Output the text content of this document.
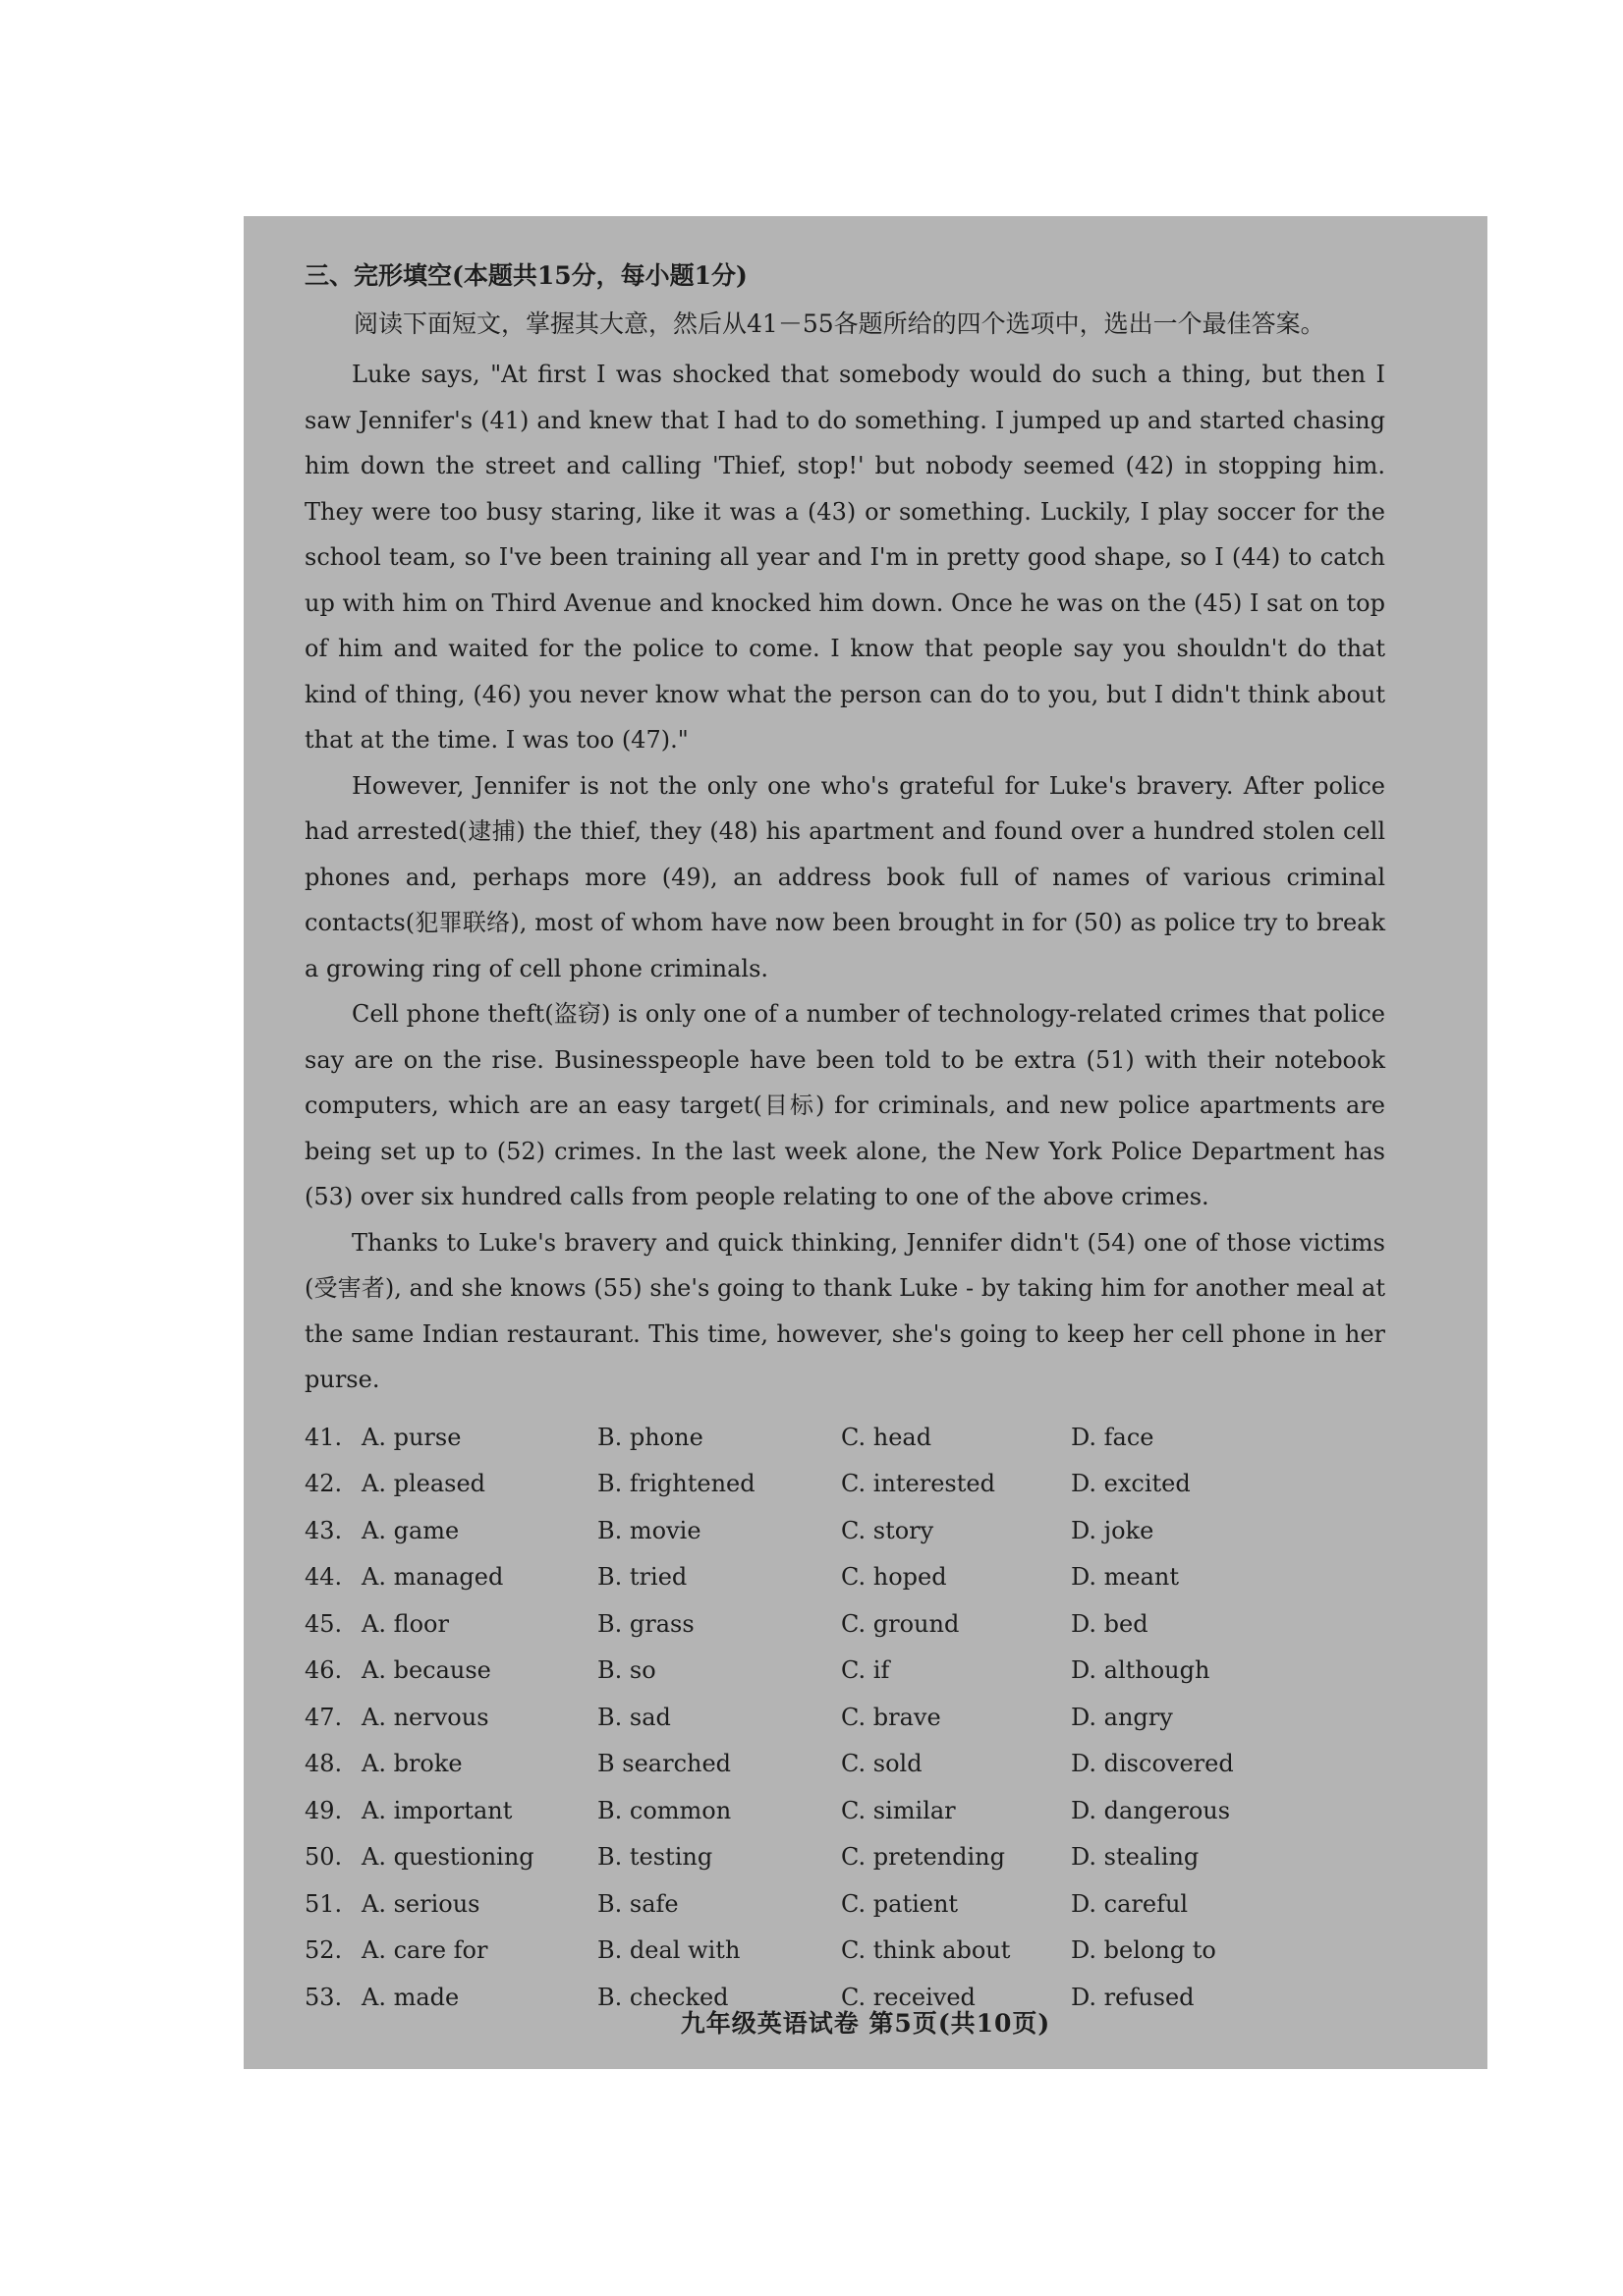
三、完形填空(本题共15分，每小题1分)

阅读下面短文，掌握其大意，然后从41－55各题所给的四个选项中，选出一个最佳答案。

Luke says, "At first I was shocked that somebody would do such a thing, but then I saw Jennifer's (41) and knew that I had to do something. I jumped up and started chasing him down the street and calling 'Thief, stop!' but nobody seemed (42) in stopping him. They were too busy staring, like it was a (43) or something. Luckily, I play soccer for the school team, so I've been training all year and I'm in pretty good shape, so I (44) to catch up with him on Third Avenue and knocked him down. Once he was on the (45) I sat on top of him and waited for the police to come. I know that people say you shouldn't do that kind of thing, (46) you never know what the person can do to you, but I didn't think about that at the time. I was too (47)."

However, Jennifer is not the only one who's grateful for Luke's bravery. After police had arrested(逮捕) the thief, they (48) his apartment and found over a hundred stolen cell phones and, perhaps more (49), an address book full of names of various criminal contacts(犯罪联络), most of whom have now been brought in for (50) as police try to break a growing ring of cell phone criminals.

Cell phone theft(盗窃) is only one of a number of technology-related crimes that police say are on the rise. Businesspeople have been told to be extra (51) with their notebook computers, which are an easy target(目标) for criminals, and new police apartments are being set up to (52) crimes. In the last week alone, the New York Police Department has (53) over six hundred calls from people relating to one of the above crimes.

Thanks to Luke's bravery and quick thinking, Jennifer didn't (54) one of those victims (受害者), and she knows (55) she's going to thank Luke - by taking him for another meal at the same Indian restaurant. This time, however, she's going to keep her cell phone in her purse.

41. A. purse	B. phone	C. head	D. face
42. A. pleased	B. frightened	C. interested	D. excited
43. A. game	B. movie	C. story	D. joke
44. A. managed	B. tried	C. hoped	D. meant
45. A. floor	B. grass	C. ground	D. bed
46. A. because	B. so	C. if	D. although
47. A. nervous	B. sad	C. brave	D. angry
48. A. broke	B searched	C. sold	D. discovered
49. A. important	B. common	C. similar	D. dangerous
50. A. questioning	B. testing	C. pretending	D. stealing
51. A. serious	B. safe	C. patient	D. careful
52. A. care for	B. deal with	C. think about	D. belong to
53. A. made	B. checked	C. received	D. refused
九年级英语试卷 第5页(共10页)
